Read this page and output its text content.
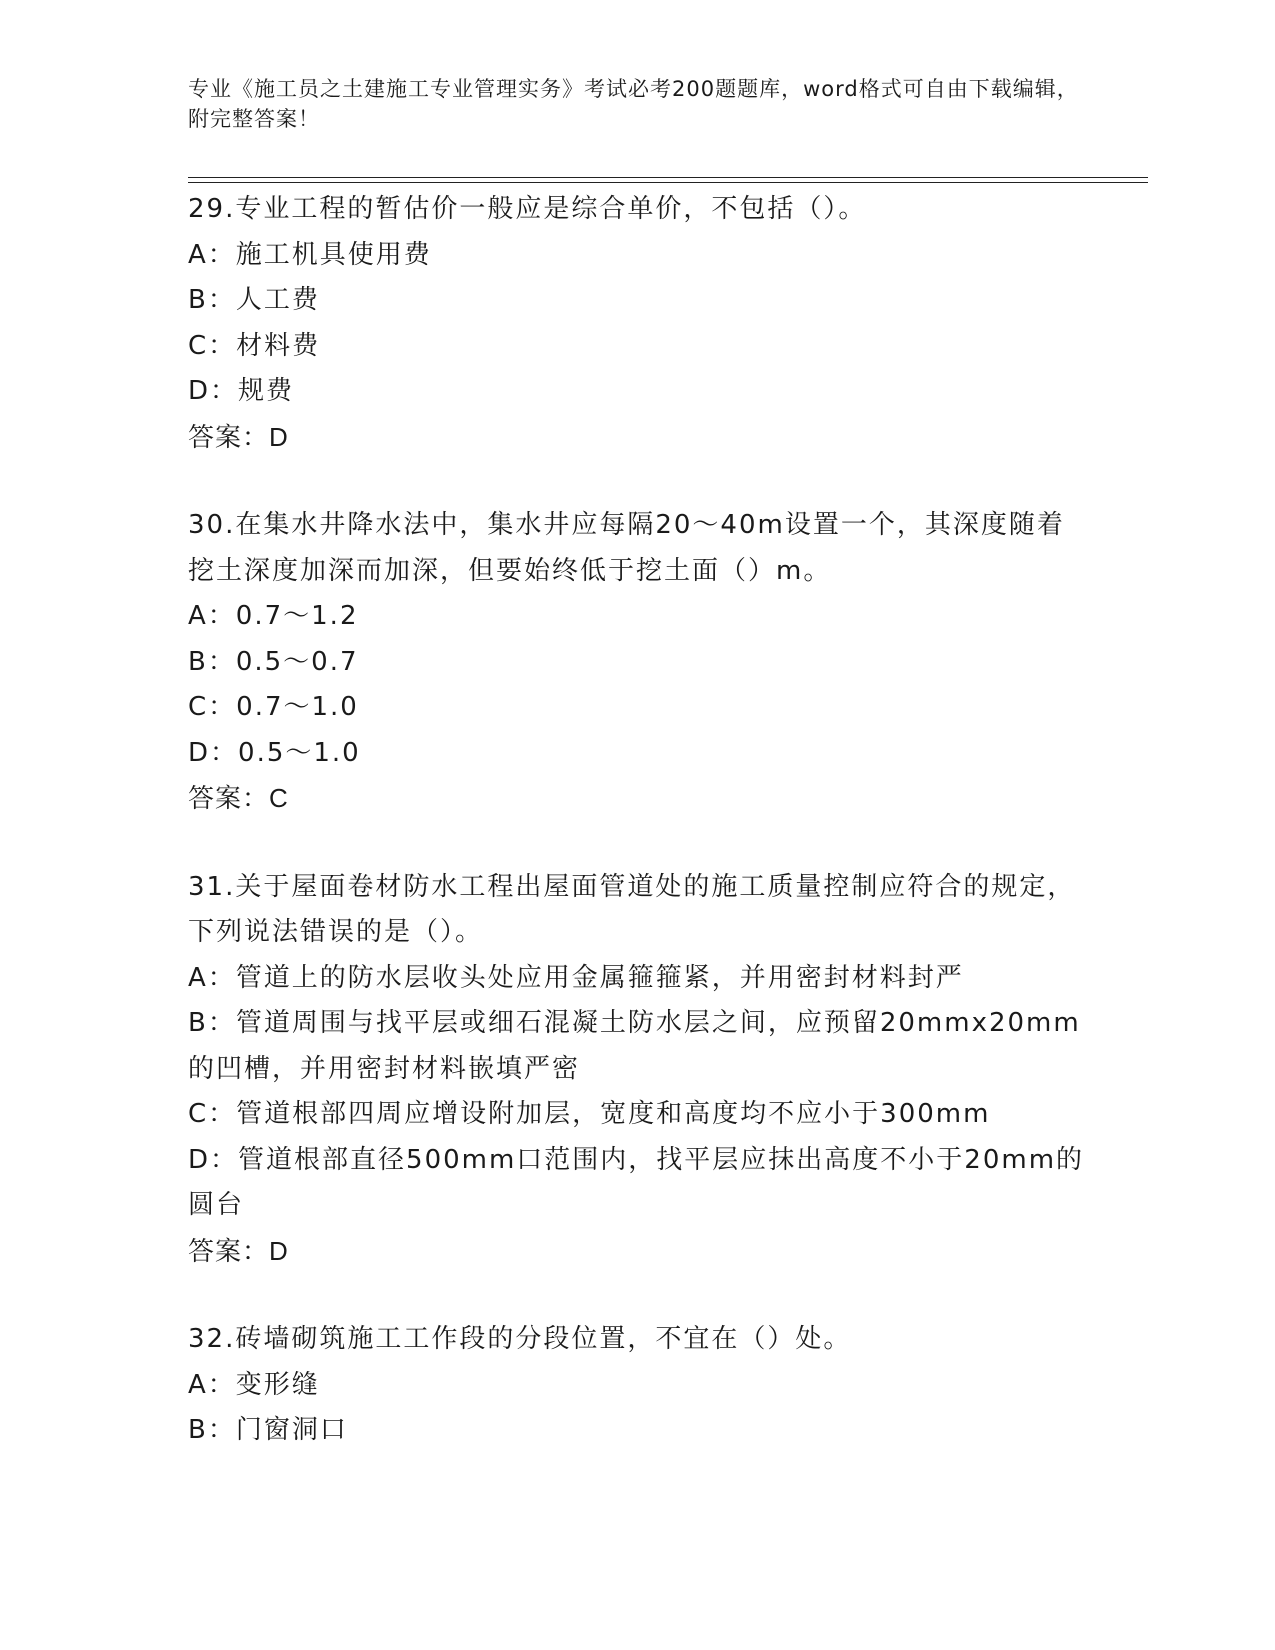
专业《施工员之土建施工专业管理实务》考试必考200题题库，word格式可自由下载编辑，附完整答案！
29.专业工程的暂估价一般应是综合单价，不包括（）。
A：施工机具使用费
B：人工费
C：材料费
D：规费
答案：D
30.在集水井降水法中，集水井应每隔20～40m设置一个，其深度随着挖土深度加深而加深，但要始终低于挖土面（）m。
A：0.7～1.2
B：0.5～0.7
C：0.7～1.0
D：0.5～1.0
答案：C
31.关于屋面卷材防水工程出屋面管道处的施工质量控制应符合的规定，下列说法错误的是（）。
A：管道上的防水层收头处应用金属箍箍紧，并用密封材料封严
B：管道周围与找平层或细石混凝土防水层之间，应预留20mmx20mm的凹槽，并用密封材料嵌填严密
C：管道根部四周应增设附加层，宽度和高度均不应小于300mm
D：管道根部直径500mm口范围内，找平层应抹出高度不小于20mm的圆台
答案：D
32.砖墙砌筑施工工作段的分段位置，不宜在（）处。
A：变形缝
B：门窗洞口
